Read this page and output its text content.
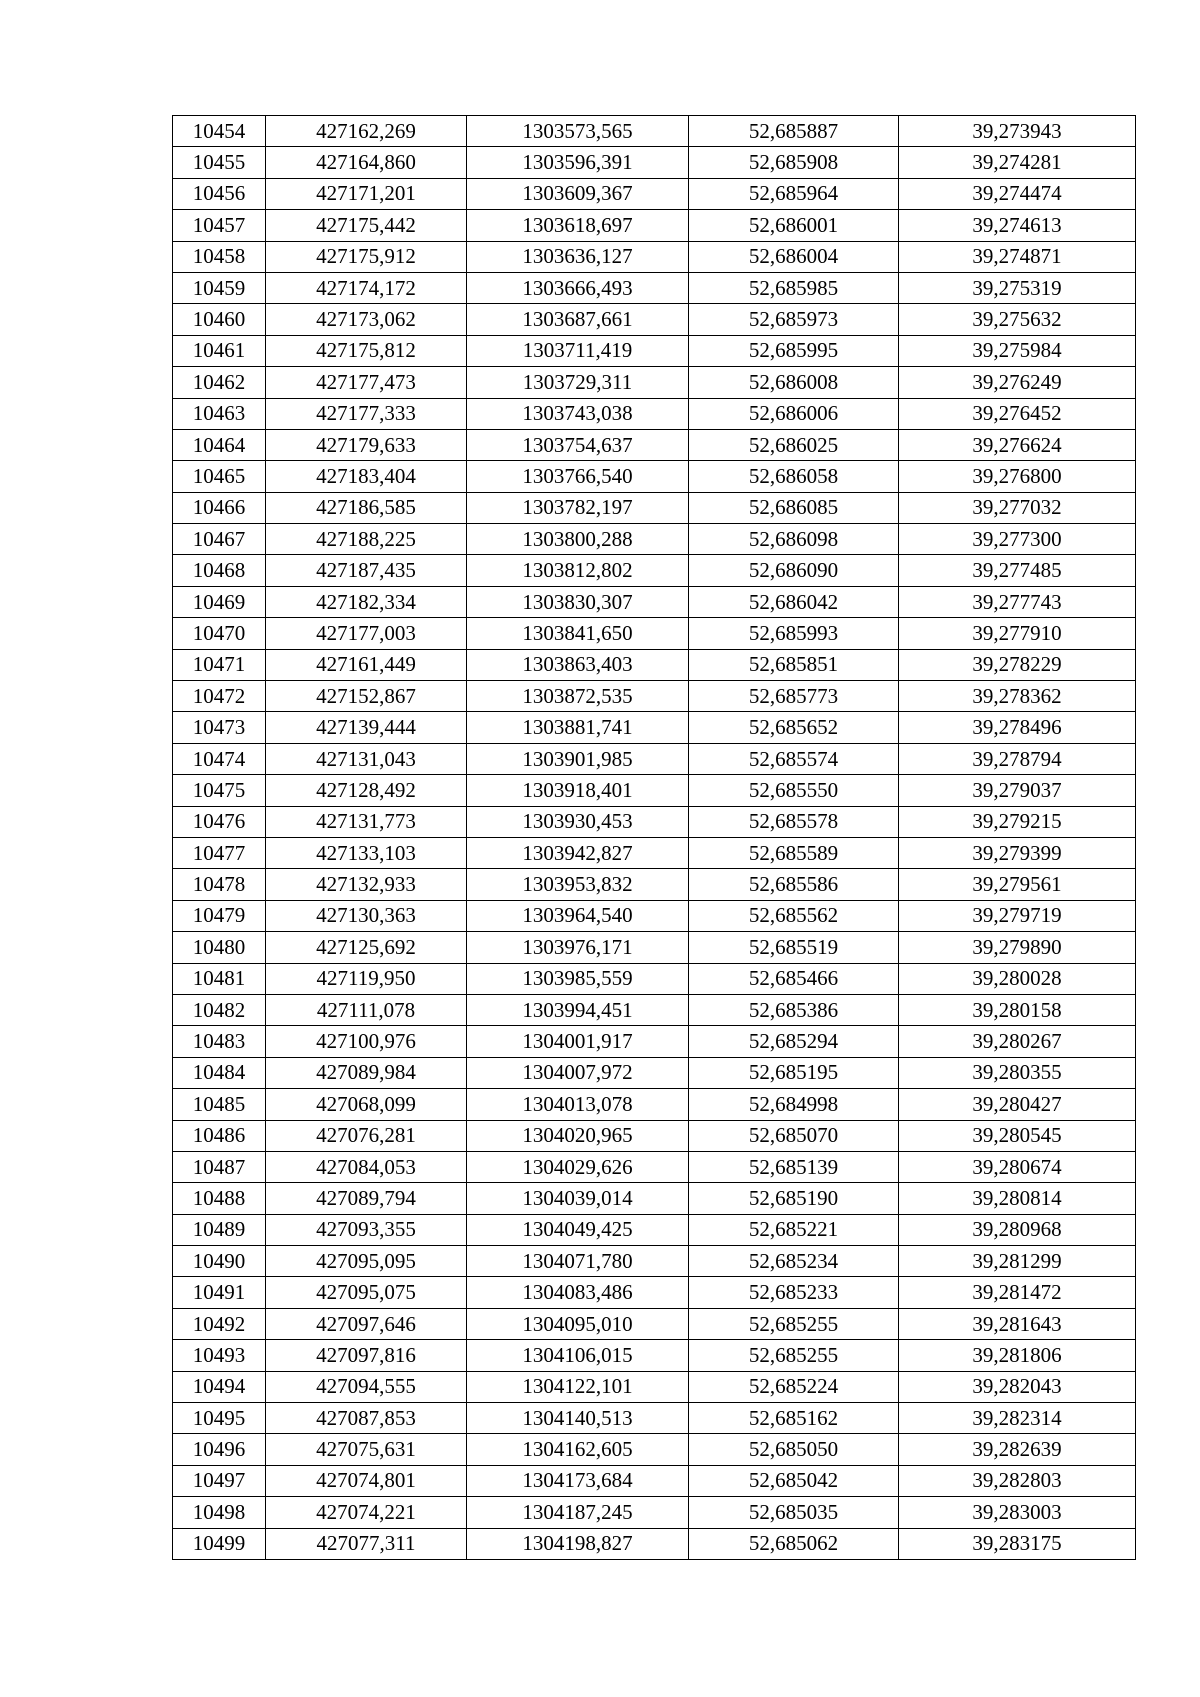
10454	427162,269	1303573,565	52,685887	39,273943
10455	427164,860	1303596,391	52,685908	39,274281
10456	427171,201	1303609,367	52,685964	39,274474
10457	427175,442	1303618,697	52,686001	39,274613
10458	427175,912	1303636,127	52,686004	39,274871
10459	427174,172	1303666,493	52,685985	39,275319
10460	427173,062	1303687,661	52,685973	39,275632
10461	427175,812	1303711,419	52,685995	39,275984
10462	427177,473	1303729,311	52,686008	39,276249
10463	427177,333	1303743,038	52,686006	39,276452
10464	427179,633	1303754,637	52,686025	39,276624
10465	427183,404	1303766,540	52,686058	39,276800
10466	427186,585	1303782,197	52,686085	39,277032
10467	427188,225	1303800,288	52,686098	39,277300
10468	427187,435	1303812,802	52,686090	39,277485
10469	427182,334	1303830,307	52,686042	39,277743
10470	427177,003	1303841,650	52,685993	39,277910
10471	427161,449	1303863,403	52,685851	39,278229
10472	427152,867	1303872,535	52,685773	39,278362
10473	427139,444	1303881,741	52,685652	39,278496
10474	427131,043	1303901,985	52,685574	39,278794
10475	427128,492	1303918,401	52,685550	39,279037
10476	427131,773	1303930,453	52,685578	39,279215
10477	427133,103	1303942,827	52,685589	39,279399
10478	427132,933	1303953,832	52,685586	39,279561
10479	427130,363	1303964,540	52,685562	39,279719
10480	427125,692	1303976,171	52,685519	39,279890
10481	427119,950	1303985,559	52,685466	39,280028
10482	427111,078	1303994,451	52,685386	39,280158
10483	427100,976	1304001,917	52,685294	39,280267
10484	427089,984	1304007,972	52,685195	39,280355
10485	427068,099	1304013,078	52,684998	39,280427
10486	427076,281	1304020,965	52,685070	39,280545
10487	427084,053	1304029,626	52,685139	39,280674
10488	427089,794	1304039,014	52,685190	39,280814
10489	427093,355	1304049,425	52,685221	39,280968
10490	427095,095	1304071,780	52,685234	39,281299
10491	427095,075	1304083,486	52,685233	39,281472
10492	427097,646	1304095,010	52,685255	39,281643
10493	427097,816	1304106,015	52,685255	39,281806
10494	427094,555	1304122,101	52,685224	39,282043
10495	427087,853	1304140,513	52,685162	39,282314
10496	427075,631	1304162,605	52,685050	39,282639
10497	427074,801	1304173,684	52,685042	39,282803
10498	427074,221	1304187,245	52,685035	39,283003
10499	427077,311	1304198,827	52,685062	39,283175
